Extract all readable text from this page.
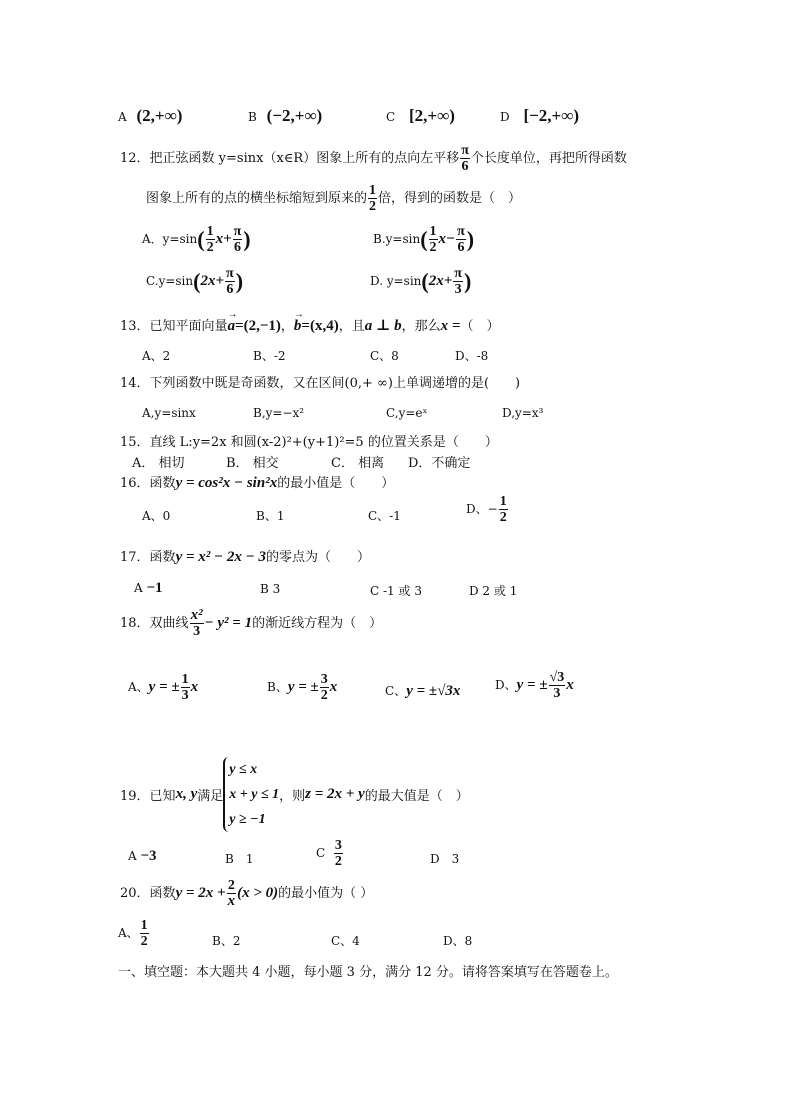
A (2,+∞)	B (−2,+∞)	C [2,+∞)	D [−2,+∞)
12．把正弦函数 y=sinx（x∈R）图象上所有的点向左平移 $\frac{\pi}{6}$ 个长度单位，再把所得函数
图象上所有的点的横坐标缩短到原来的 $\frac{1}{2}$ 倍，得到的函数是（　）
A．$y=\sin( \frac{1}{2} x+ \frac{\pi}{6}$ )	$B.y=\sin( \frac{1}{2} x- \frac{\pi}{6}$ )
$C.y=\sin(2x+ \frac{\pi}{6}$ )	D. $y=\sin(2x+ \frac{\pi}{3}$ )
13．已知平面向量→ a=(2,−1)，→ b=(x,4)，且a ⊥ b，那么x =（　）
A、2	B、-2	C、8	D、-8
14．下列函数中既是奇函数，又在区间(0,+ ∞)上单调递增的是(　　)
A,y=sinx	B,y=−x²	C,y=eˣ	D,y=x³
15．直线 L:y=2x 和圆(x-2)²+(y+1)²=5 的位置关系是（　　）
A． 相切	B． 相交	C． 相离 D．不确定
16．函数y = cos²x − sin²x的最小值是（　　）
A、0	B、1	C、-1	D、− $\frac{1}{2}$
17．函数y = x² − 2x − 3的零点为（　　）
A −1	B 3	C -1 或 3	D 2 或 1
18．双曲线 $\frac{\text{x²}}{3} - y^2 = 1$的渐近线方程为（　）
A、y = ± $\frac{1}{3}$ x	B、y = ± $\frac{3}{2}$ x	C、y = ±√3x	D、y = ± $\frac{√3}{3}$ x
19．已知x, y满足
y ≤ x
x + y ≤ 1
y ≥ −1
，则z = 2x + y的最大值是（　）
A −3	B　1	C $\frac{3}{2}$	D　3
20．函数$y = 2x + \frac{2}{x} (x > 0)$的最小值为（ ）
A、 $\frac{1}{2}$	B、2	C、4	D、8
一、填空题：本大题共 4 小题，每小题 3 分，满分 12 分。请将答案填写在答题卷上。
